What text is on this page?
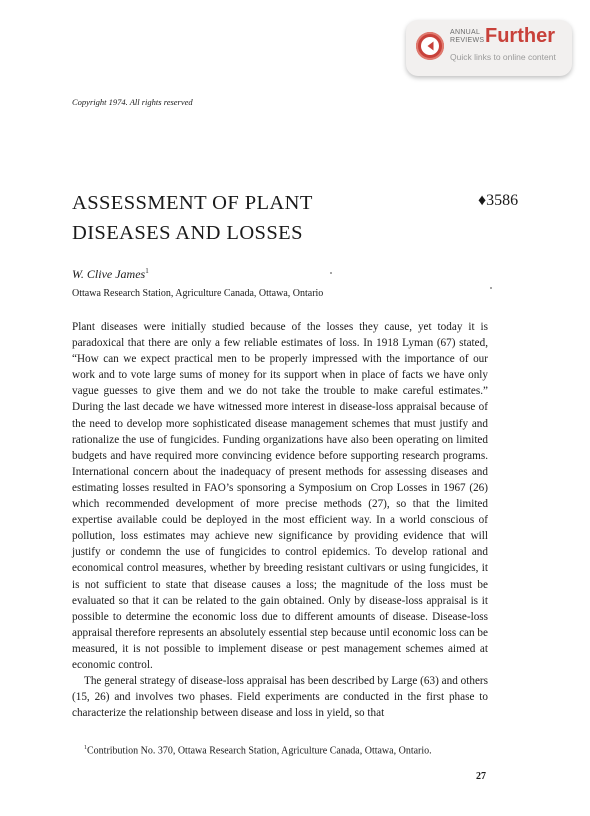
ANNUAL
REVIEWS Further
Quick links to online content
Copyright 1974. All rights reserved
ASSESSMENT OF PLANT DISEASES AND LOSSES
♦3586
W. Clive James$^1$
Ottawa Research Station, Agriculture Canada, Ottawa, Ontario

Plant diseases were initially studied because of the losses they cause, yet today it is paradoxical that there are only a few reliable estimates of loss. In 1918 Lyman (67) stated, “How can we expect practical men to be properly impressed with the importance of our work and to vote large sums of money for its support when in place of facts we have only vague guesses to give them and we do not take the trouble to make careful estimates.” During the last decade we have witnessed more interest in disease-loss appraisal because of the need to develop more sophisticated disease management schemes that must justify and rationalize the use of fungicides. Funding organizations have also been operating on limited budgets and have required more convincing evidence before supporting research programs. International concern about the inadequacy of present methods for assessing diseases and estimating losses resulted in FAO’s sponsoring a Symposium on Crop Losses in 1967 (26) which recommended development of more precise methods (27), so that the limited expertise available could be deployed in the most efficient way. In a world conscious of pollution, loss estimates may achieve new significance by providing evidence that will justify or condemn the use of fungicides to control epidemics. To develop rational and economical control measures, whether by breeding resistant cultivars or using fungicides, it is not sufficient to state that disease causes a loss; the magnitude of the loss must be evaluated so that it can be related to the gain obtained. Only by disease-loss appraisal is it possible to determine the economic loss due to different amounts of disease. Disease-loss appraisal therefore represents an absolutely essential step because until economic loss can be measured, it is not possible to implement disease or pest management schemes aimed at economic control.

The general strategy of disease-loss appraisal has been described by Large (63) and others (15, 26) and involves two phases. Field experiments are conducted in the first phase to characterize the relationship between disease and loss in yield, so that

$^1$Contribution No. 370, Ottawa Research Station, Agriculture Canada, Ottawa, Ontario.
27
